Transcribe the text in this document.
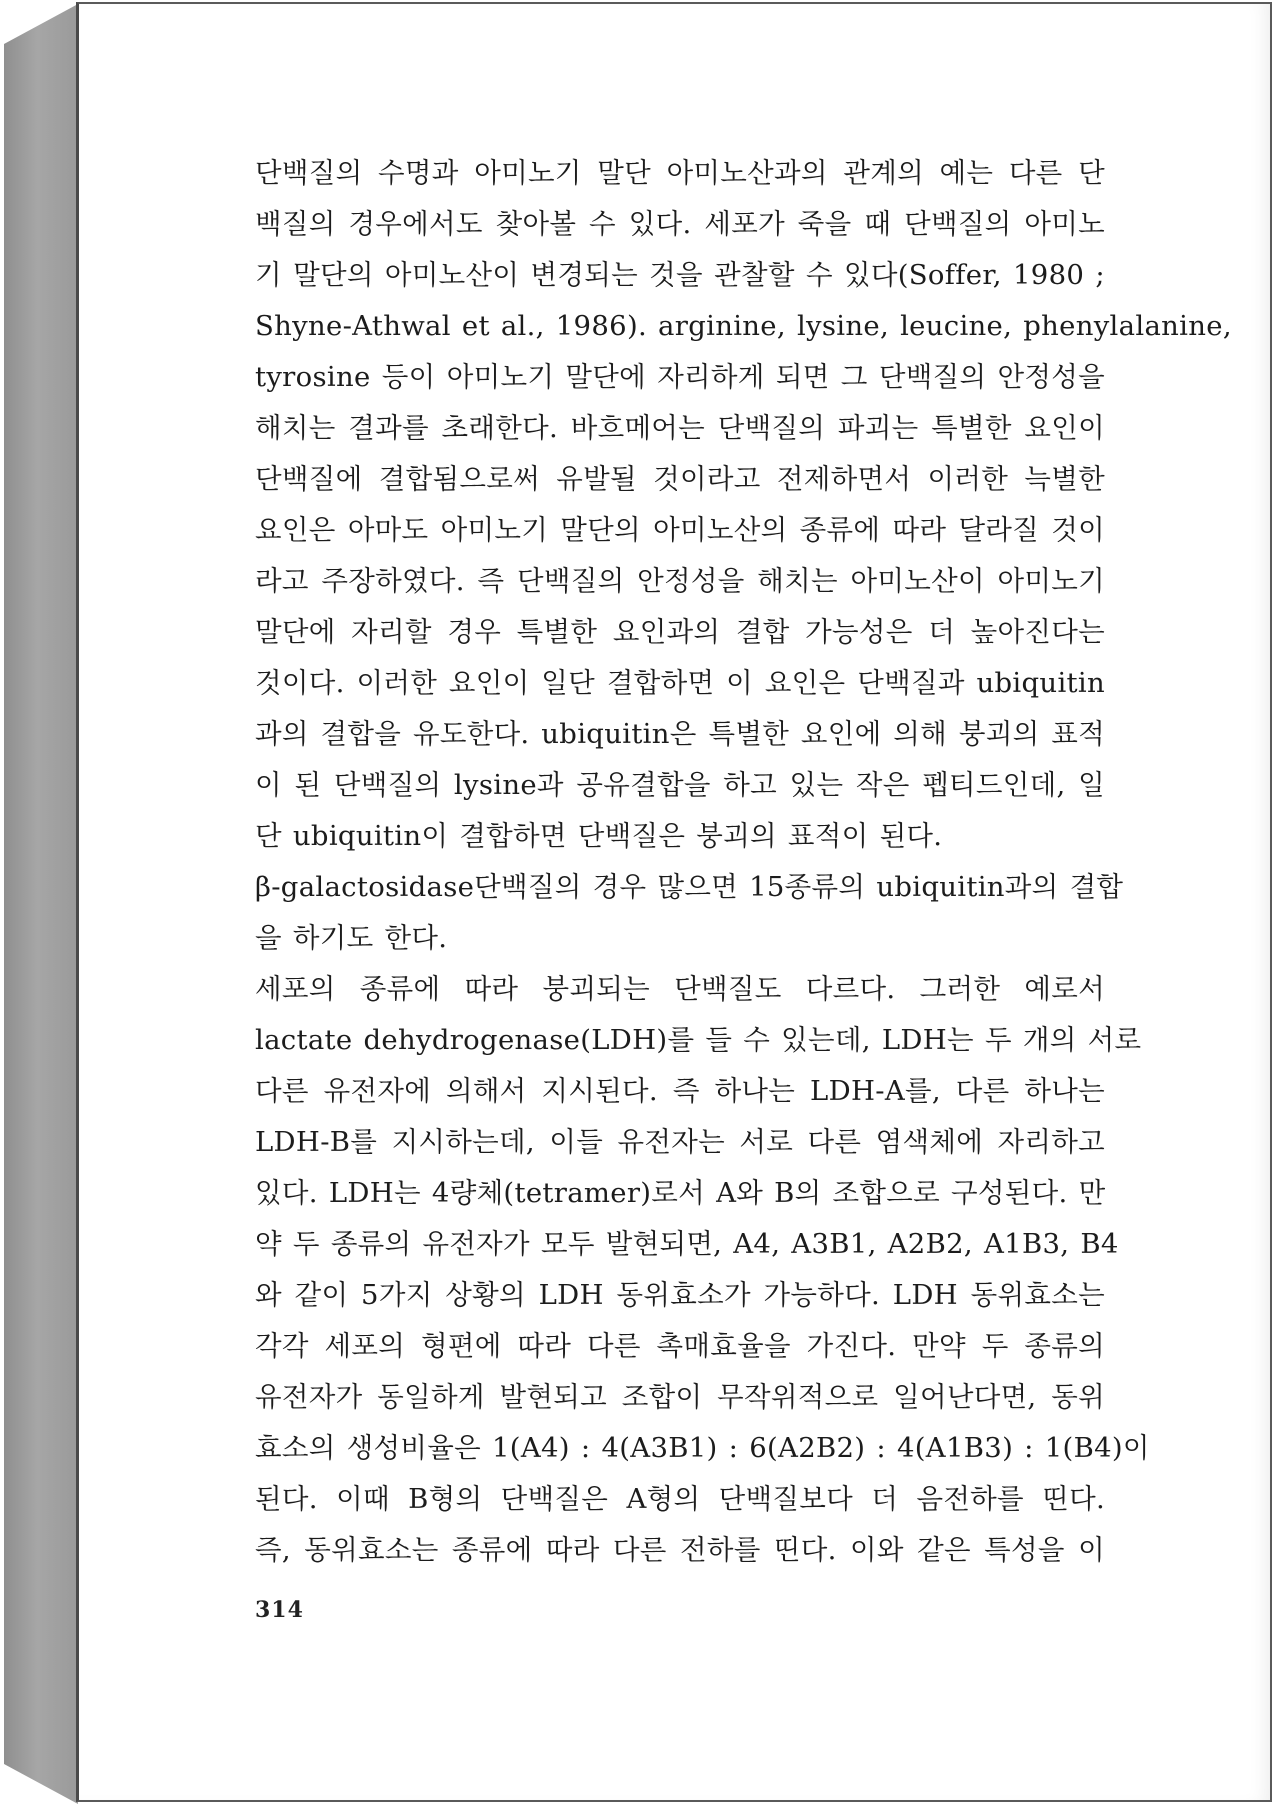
단백질의 수명과 아미노기 말단 아미노산과의 관계의 예는 다른 단
백질의 경우에서도 찾아볼 수 있다. 세포가 죽을 때 단백질의 아미노
기 말단의 아미노산이 변경되는 것을 관찰할 수 있다(Soffer, 1980 ;
Shyne-Athwal et al., 1986). arginine, lysine, leucine, phenylalanine,
tyrosine 등이 아미노기 말단에 자리하게 되면 그 단백질의 안정성을
해치는 결과를 초래한다. 바흐메어는 단백질의 파괴는 특별한 요인이
단백질에 결합됨으로써 유발될 것이라고 전제하면서 이러한 늑별한
요인은 아마도 아미노기 말단의 아미노산의 종류에 따라 달라질 것이
라고 주장하였다. 즉 단백질의 안정성을 해치는 아미노산이 아미노기
말단에 자리할 경우 특별한 요인과의 결합 가능성은 더 높아진다는
것이다. 이러한 요인이 일단 결합하면 이 요인은 단백질과 ubiquitin
과의 결합을 유도한다. ubiquitin은 특별한 요인에 의해 붕괴의 표적
이 된 단백질의 lysine과 공유결합을 하고 있는 작은 펩티드인데, 일
단 ubiquitin이 결합하면 단백질은 붕괴의 표적이 된다.
β-galactosidase단백질의 경우 많으면 15종류의 ubiquitin과의 결합
을 하기도 한다.
세포의 종류에 따라 붕괴되는 단백질도 다르다. 그러한 예로서
lactate dehydrogenase(LDH)를 들 수 있는데, LDH는 두 개의 서로
다른 유전자에 의해서 지시된다. 즉 하나는 LDH-A를, 다른 하나는
LDH-B를 지시하는데, 이들 유전자는 서로 다른 염색체에 자리하고
있다. LDH는 4량체(tetramer)로서 A와 B의 조합으로 구성된다. 만
약 두 종류의 유전자가 모두 발현되면, A4, A3B1, A2B2, A1B3, B4
와 같이 5가지 상황의 LDH 동위효소가 가능하다. LDH 동위효소는
각각 세포의 형편에 따라 다른 촉매효율을 가진다. 만약 두 종류의
유전자가 동일하게 발현되고 조합이 무작위적으로 일어난다면, 동위
효소의 생성비율은 1(A4) : 4(A3B1) : 6(A2B2) : 4(A1B3) : 1(B4)이
된다. 이때 B형의 단백질은 A형의 단백질보다 더 음전하를 띤다.
즉, 동위효소는 종류에 따라 다른 전하를 띤다. 이와 같은 특성을 이
314
